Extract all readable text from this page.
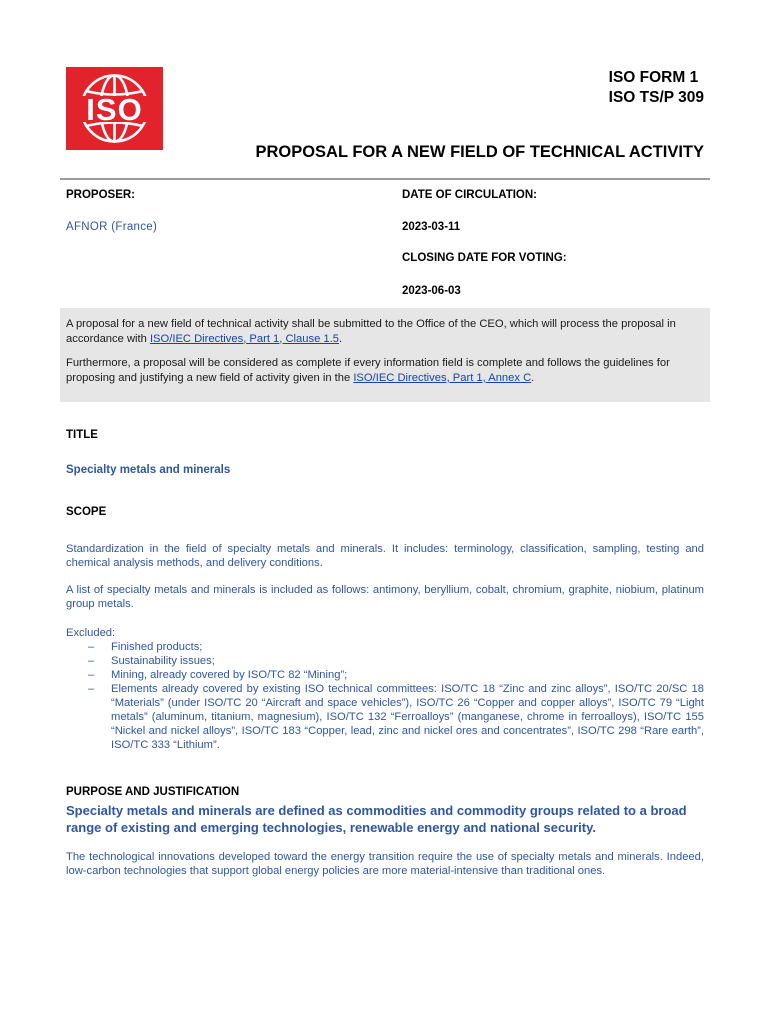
ISO
ISO FORM 1
ISO TS/P 309
PROPOSAL FOR A NEW FIELD OF TECHNICAL ACTIVITY
PROPOSER:
AFNOR (France)
DATE OF CIRCULATION:
2023-03-11
CLOSING DATE FOR VOTING:
2023-06-03

A proposal for a new field of technical activity shall be submitted to the Office of the CEO, which will process the proposal in accordance with ISO/IEC Directives, Part 1, Clause 1.5.

Furthermore, a proposal will be considered as complete if every information field is complete and follows the guidelines for proposing and justifying a new field of activity given in the ISO/IEC Directives, Part 1, Annex C.

TITLE
Specialty metals and minerals
SCOPE
Standardization in the field of specialty metals and minerals. It includes: terminology, classification, sampling, testing and chemical analysis methods, and delivery conditions.
A list of specialty metals and minerals is included as follows: antimony, beryllium, cobalt, chromium, graphite, niobium, platinum group metals.
Excluded:
– Finished products;
– Sustainability issues;
– Mining, already covered by ISO/TC 82 “Mining”;
– Elements already covered by existing ISO technical committees: ISO/TC 18 “Zinc and zinc alloys”, ISO/TC 20/SC 18 “Materials” (under ISO/TC 20 “Aircraft and space vehicles”), ISO/TC 26 “Copper and copper alloys”, ISO/TC 79 “Light metals” (aluminum, titanium, magnesium), ISO/TC 132 “Ferroalloys” (manganese, chrome in ferroalloys), ISO/TC 155 “Nickel and nickel alloys”, ISO/TC 183 “Copper, lead, zinc and nickel ores and concentrates”, ISO/TC 298 “Rare earth”, ISO/TC 333 “Lithium”.
PURPOSE AND JUSTIFICATION
Specialty metals and minerals are defined as commodities and commodity groups related to a broad range of existing and emerging technologies, renewable energy and national security.
The technological innovations developed toward the energy transition require the use of specialty metals and minerals. Indeed, low-carbon technologies that support global energy policies are more material-intensive than traditional ones.
